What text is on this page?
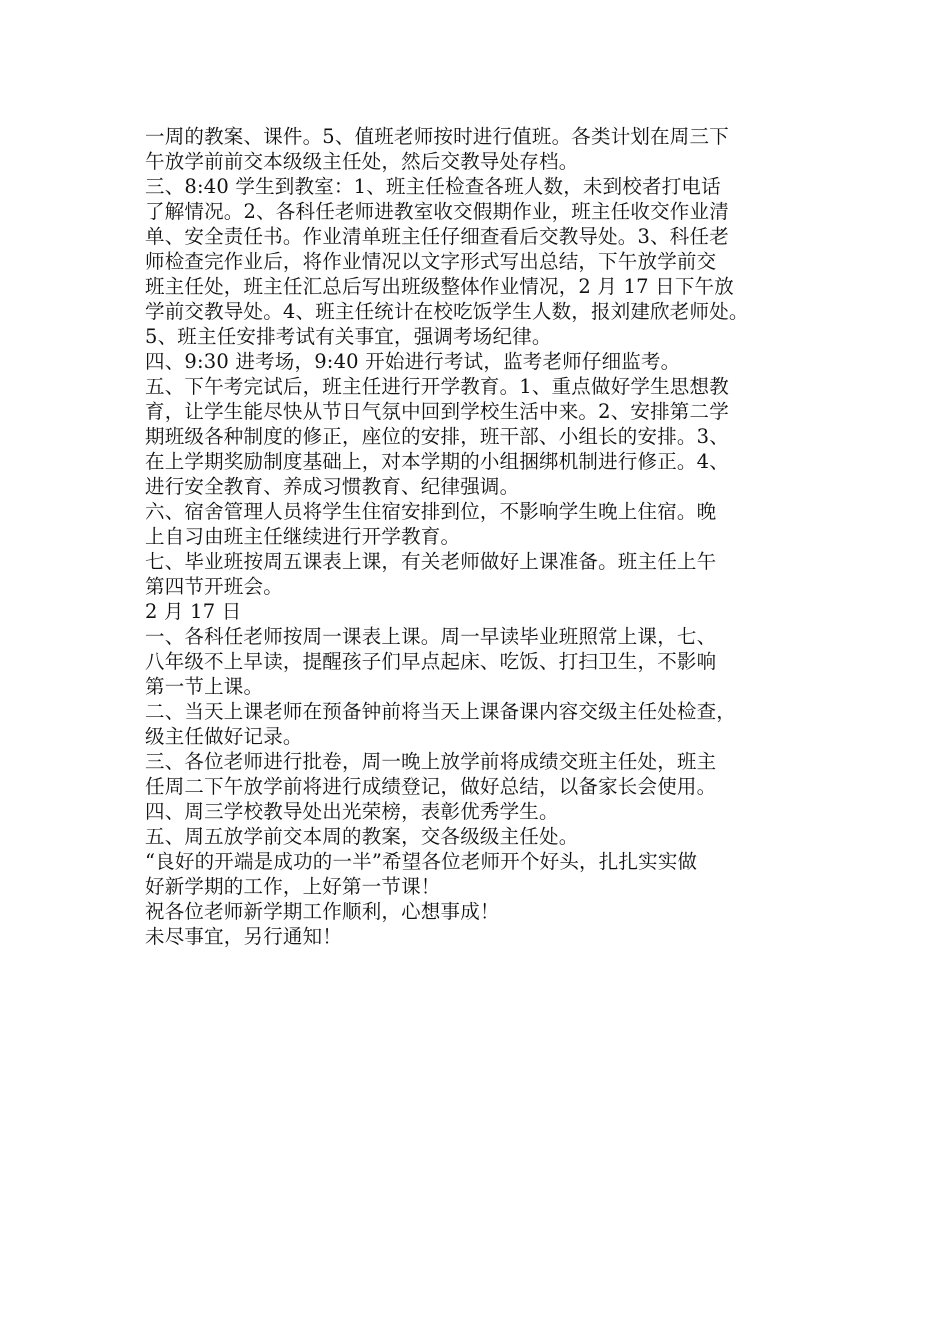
一周的教案、课件。5、值班老师按时进行值班。各类计划在周三下
午放学前前交本级级主任处，然后交教导处存档。
三、8:40 学生到教室：1、班主任检查各班人数，未到校者打电话
了解情况。2、各科任老师进教室收交假期作业，班主任收交作业清
单、安全责任书。作业清单班主任仔细查看后交教导处。3、科任老
师检查完作业后，将作业情况以文字形式写出总结，下午放学前交
班主任处，班主任汇总后写出班级整体作业情况，2 月 17 日下午放
学前交教导处。4、班主任统计在校吃饭学生人数，报刘建欣老师处。
5、班主任安排考试有关事宜，强调考场纪律。
四、9:30 进考场，9:40 开始进行考试，监考老师仔细监考。
五、下午考完试后，班主任进行开学教育。1、重点做好学生思想教
育，让学生能尽快从节日气氛中回到学校生活中来。2、安排第二学
期班级各种制度的修正，座位的安排，班干部、小组长的安排。3、
在上学期奖励制度基础上，对本学期的小组捆绑机制进行修正。4、
进行安全教育、养成习惯教育、纪律强调。
六、宿舍管理人员将学生住宿安排到位，不影响学生晚上住宿。晚
上自习由班主任继续进行开学教育。
七、毕业班按周五课表上课，有关老师做好上课准备。班主任上午
第四节开班会。
2 月 17 日
一、各科任老师按周一课表上课。周一早读毕业班照常上课，七、
八年级不上早读，提醒孩子们早点起床、吃饭、打扫卫生，不影响
第一节上课。
二、当天上课老师在预备钟前将当天上课备课内容交级主任处检查，
级主任做好记录。
三、各位老师进行批卷，周一晚上放学前将成绩交班主任处，班主
任周二下午放学前将进行成绩登记，做好总结，以备家长会使用。
四、周三学校教导处出光荣榜，表彰优秀学生。
五、周五放学前交本周的教案，交各级级主任处。
“良好的开端是成功的一半”希望各位老师开个好头，扎扎实实做
好新学期的工作，上好第一节课！
祝各位老师新学期工作顺利，心想事成！
未尽事宜，另行通知！
